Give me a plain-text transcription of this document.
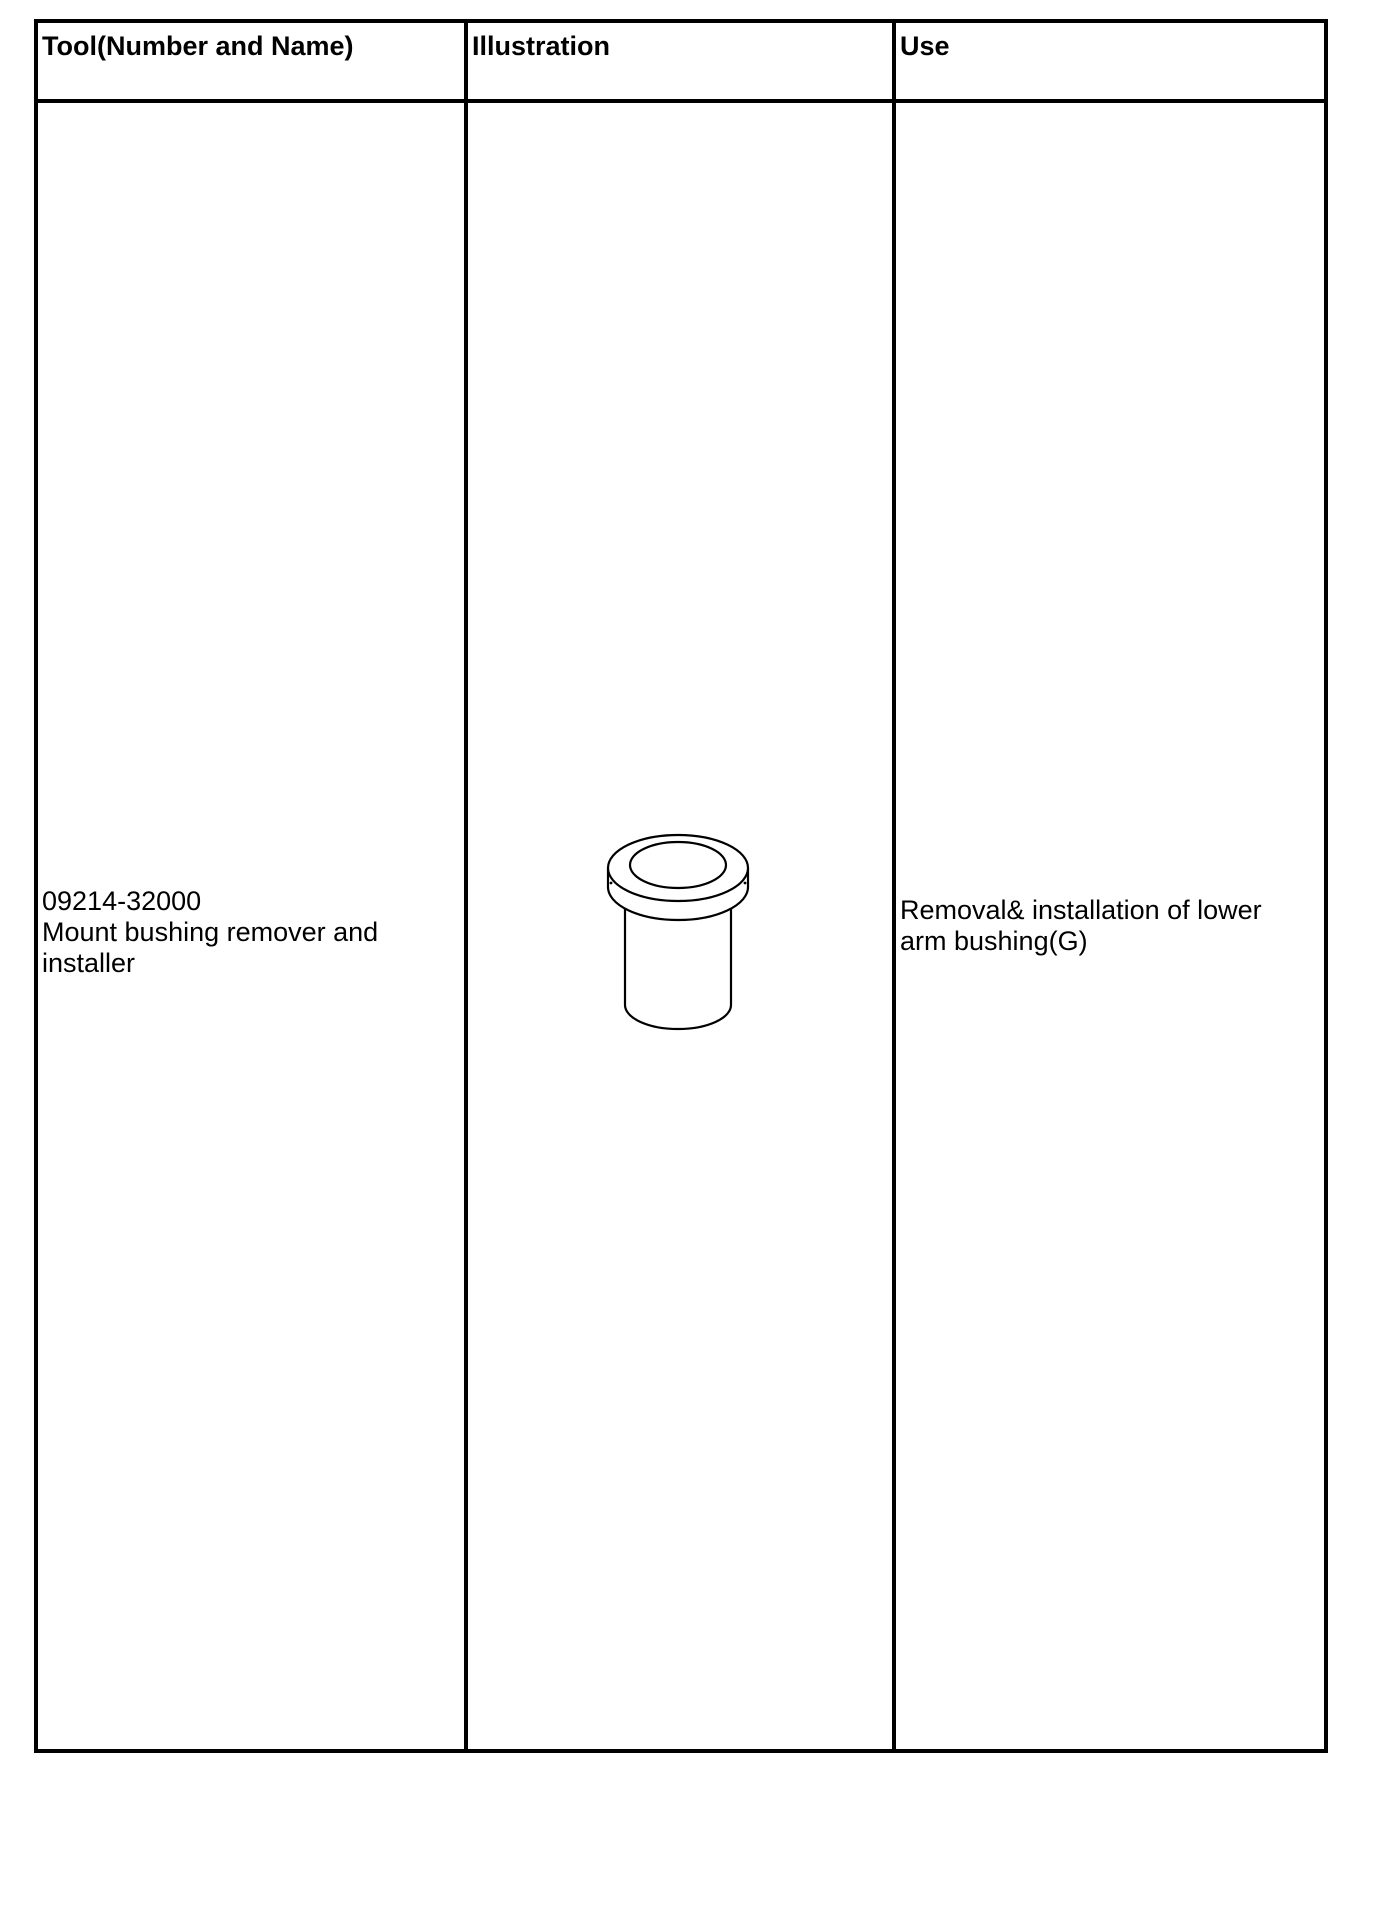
Tool(Number and Name)	Illustration	Use

09214-32000
Mount bushing remover and
installer		Removal& installation of lower
arm bushing(G)
